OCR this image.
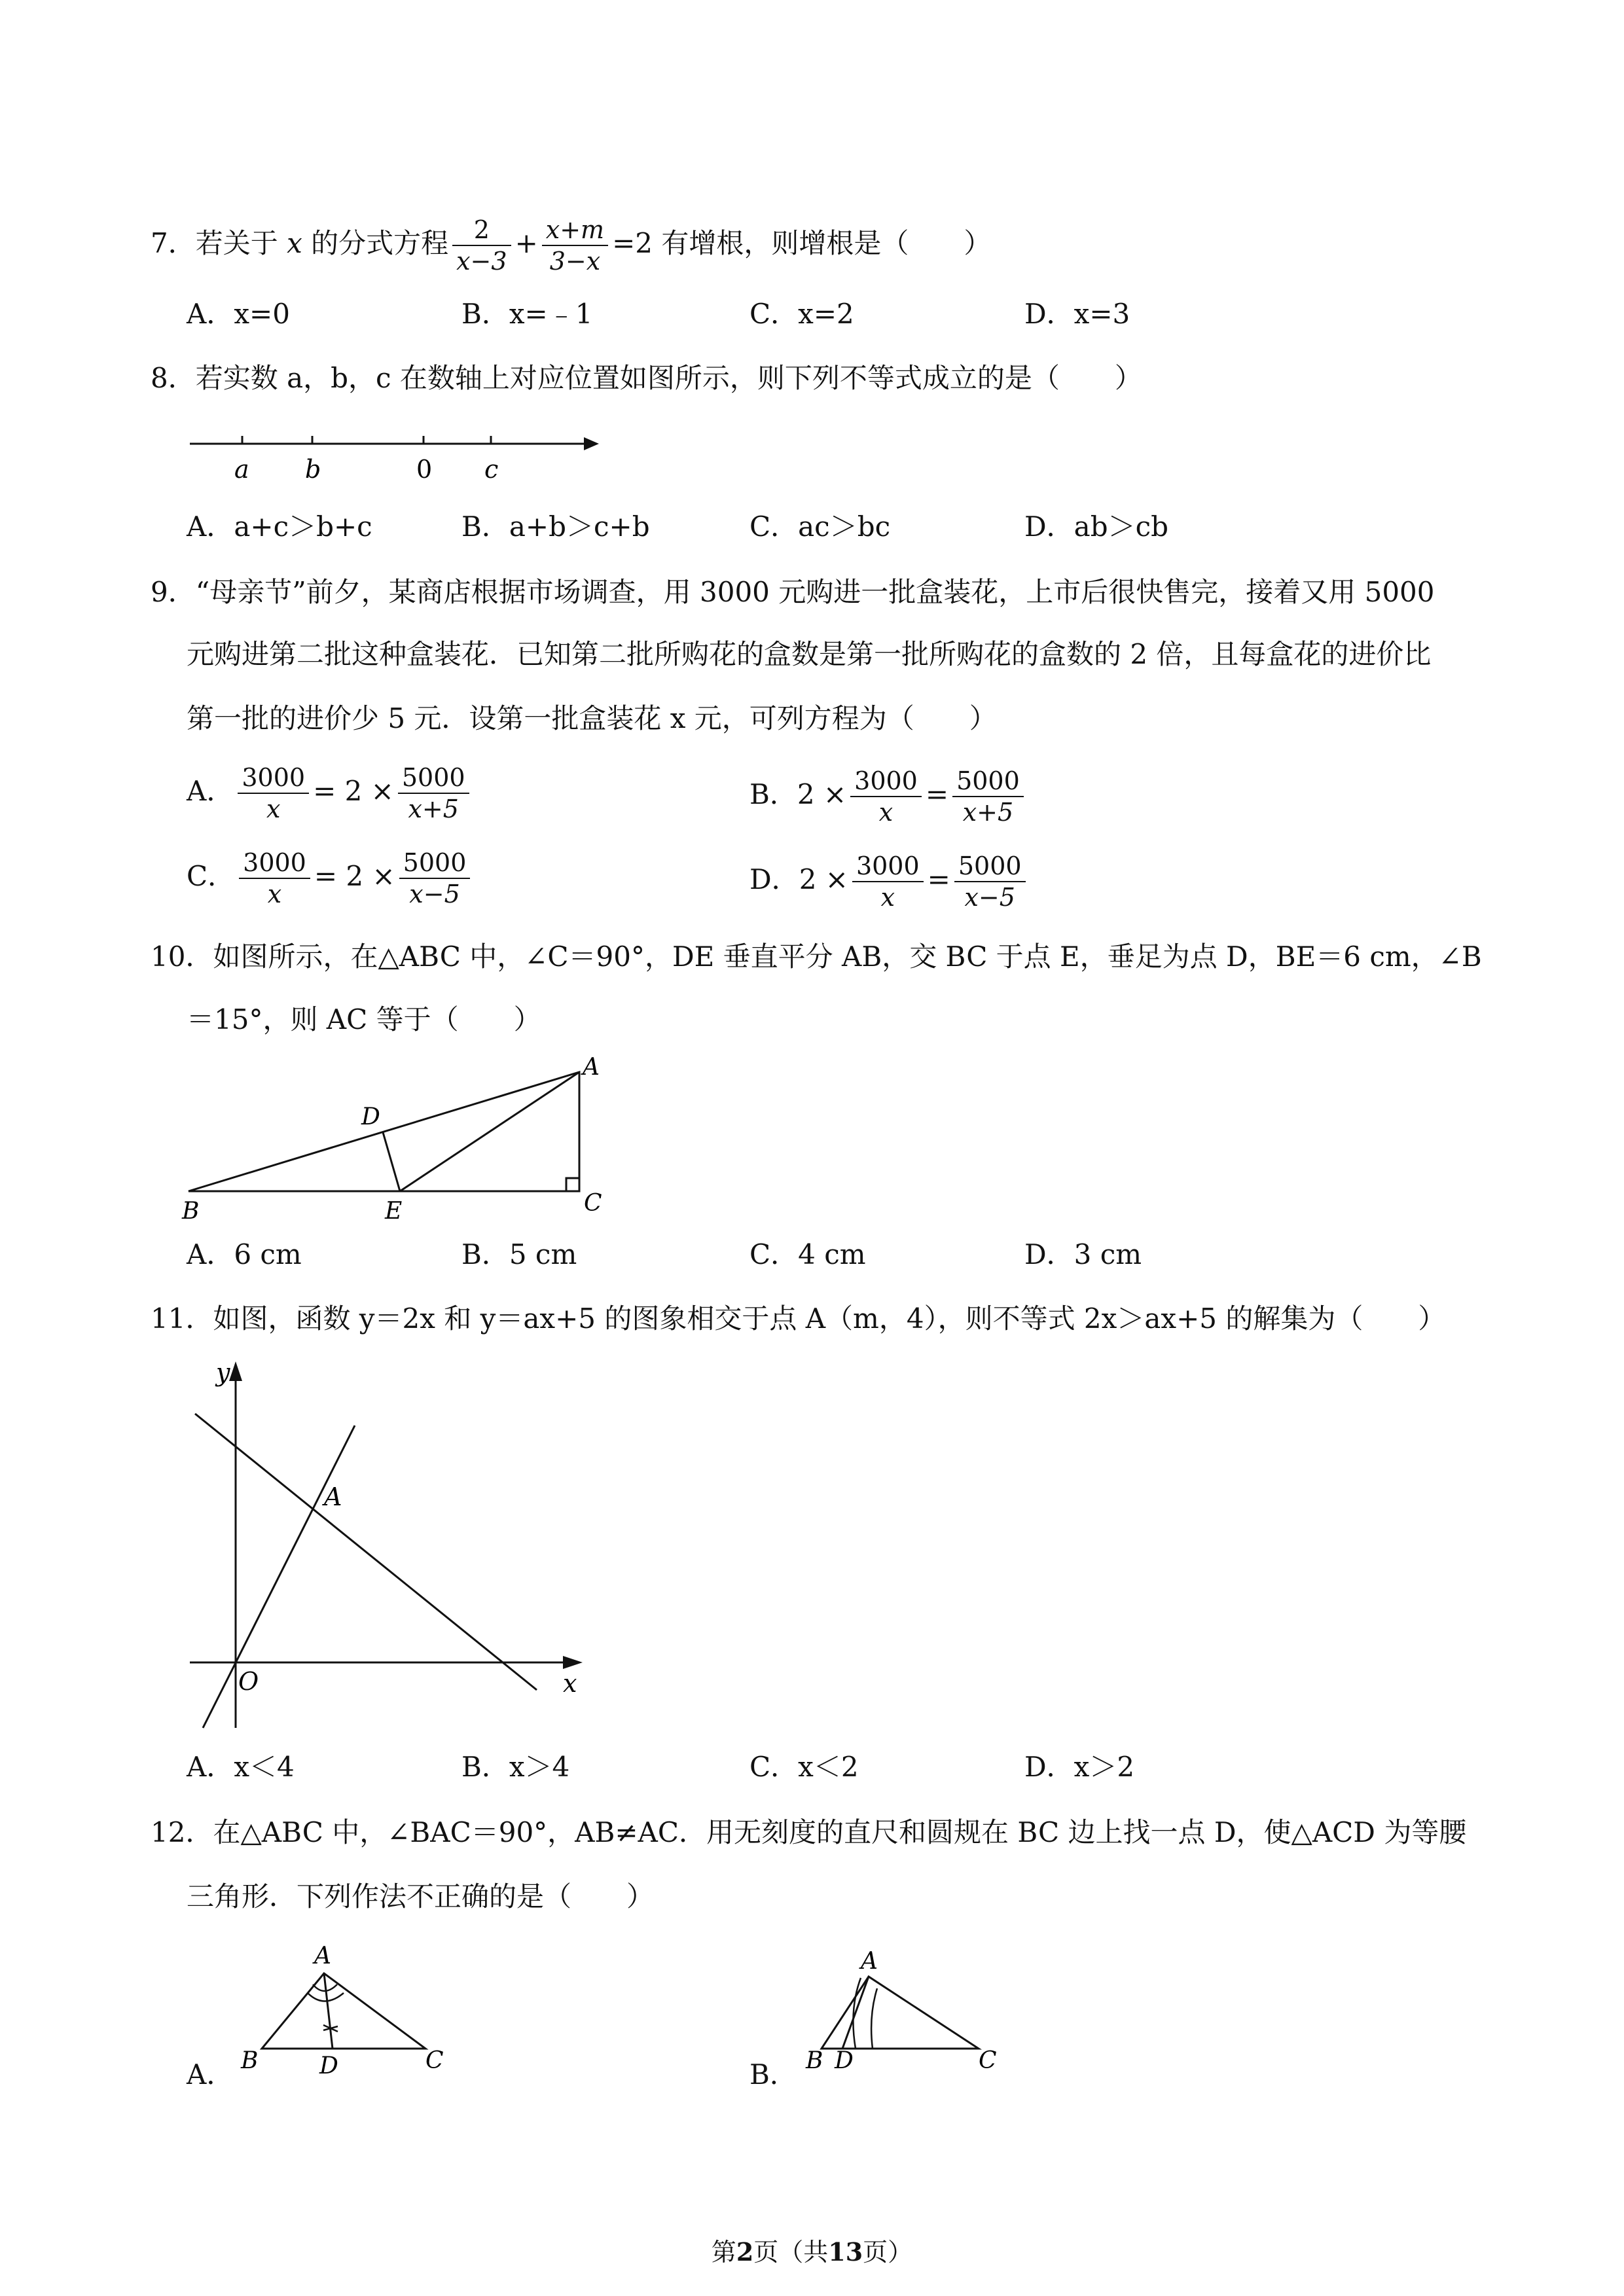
7．若关于 x 的分式方程 $\frac{2}{x-3} + \frac{x+m}{3-x} =2$ 有增根，则增根是（　　）
A．x=0	B．x=﹣1	C．x=2	D．x=3
8．若实数 a，b，c 在数轴上对应位置如图所示，则下列不等式成立的是（　　）
a b	0 c
A．a+c＞b+c	B．a+b＞c+b	C．ac＞bc	D．ab＞cb
9．“母亲节”前夕，某商店根据市场调查，用 3000 元购进一批盒装花，上市后很快售完，接着又用 5000
元购进第二批这种盒装花．已知第二批所购花的盒数是第一批所购花的盒数的 2 倍，且每盒花的进价比
第一批的进价少 5 元．设第一批盒装花 x 元，可列方程为（　　）
A． $\frac{3000}{x} = 2 \times \frac{5000}{x+5}$	B．$2 \times \frac{3000}{x} = \frac{5000}{x+5}$
C． $\frac{3000}{x} = 2 \times \frac{5000}{x-5}$	D．$2 \times \frac{3000}{x} = \frac{5000}{x-5}$
10．如图所示，在△ABC 中，∠C＝90°，DE 垂直平分 AB，交 BC 于点 E，垂足为点 D，BE＝6 cm，∠B
＝15°，则 AC 等于（　　）
A
B	C
D
E
A．6 cm	B．5 cm	C．4 cm	D．3 cm
11．如图，函数 y＝2x 和 y＝ax+5 的图象相交于点 A（m，4），则不等式 2x＞ax+5 的解集为（　　）
y
x
O
A
A．x＜4	B．x＞4	C．x＜2	D．x＞2
12．在△ABC 中，∠BAC＝90°，AB≠AC．用无刻度的直尺和圆规在 BC 边上找一点 D，使△ACD 为等腰
三角形．下列作法不正确的是（　　）
A．
A
B	C
D	B．
A
B	C
D
第2页（共13页）
